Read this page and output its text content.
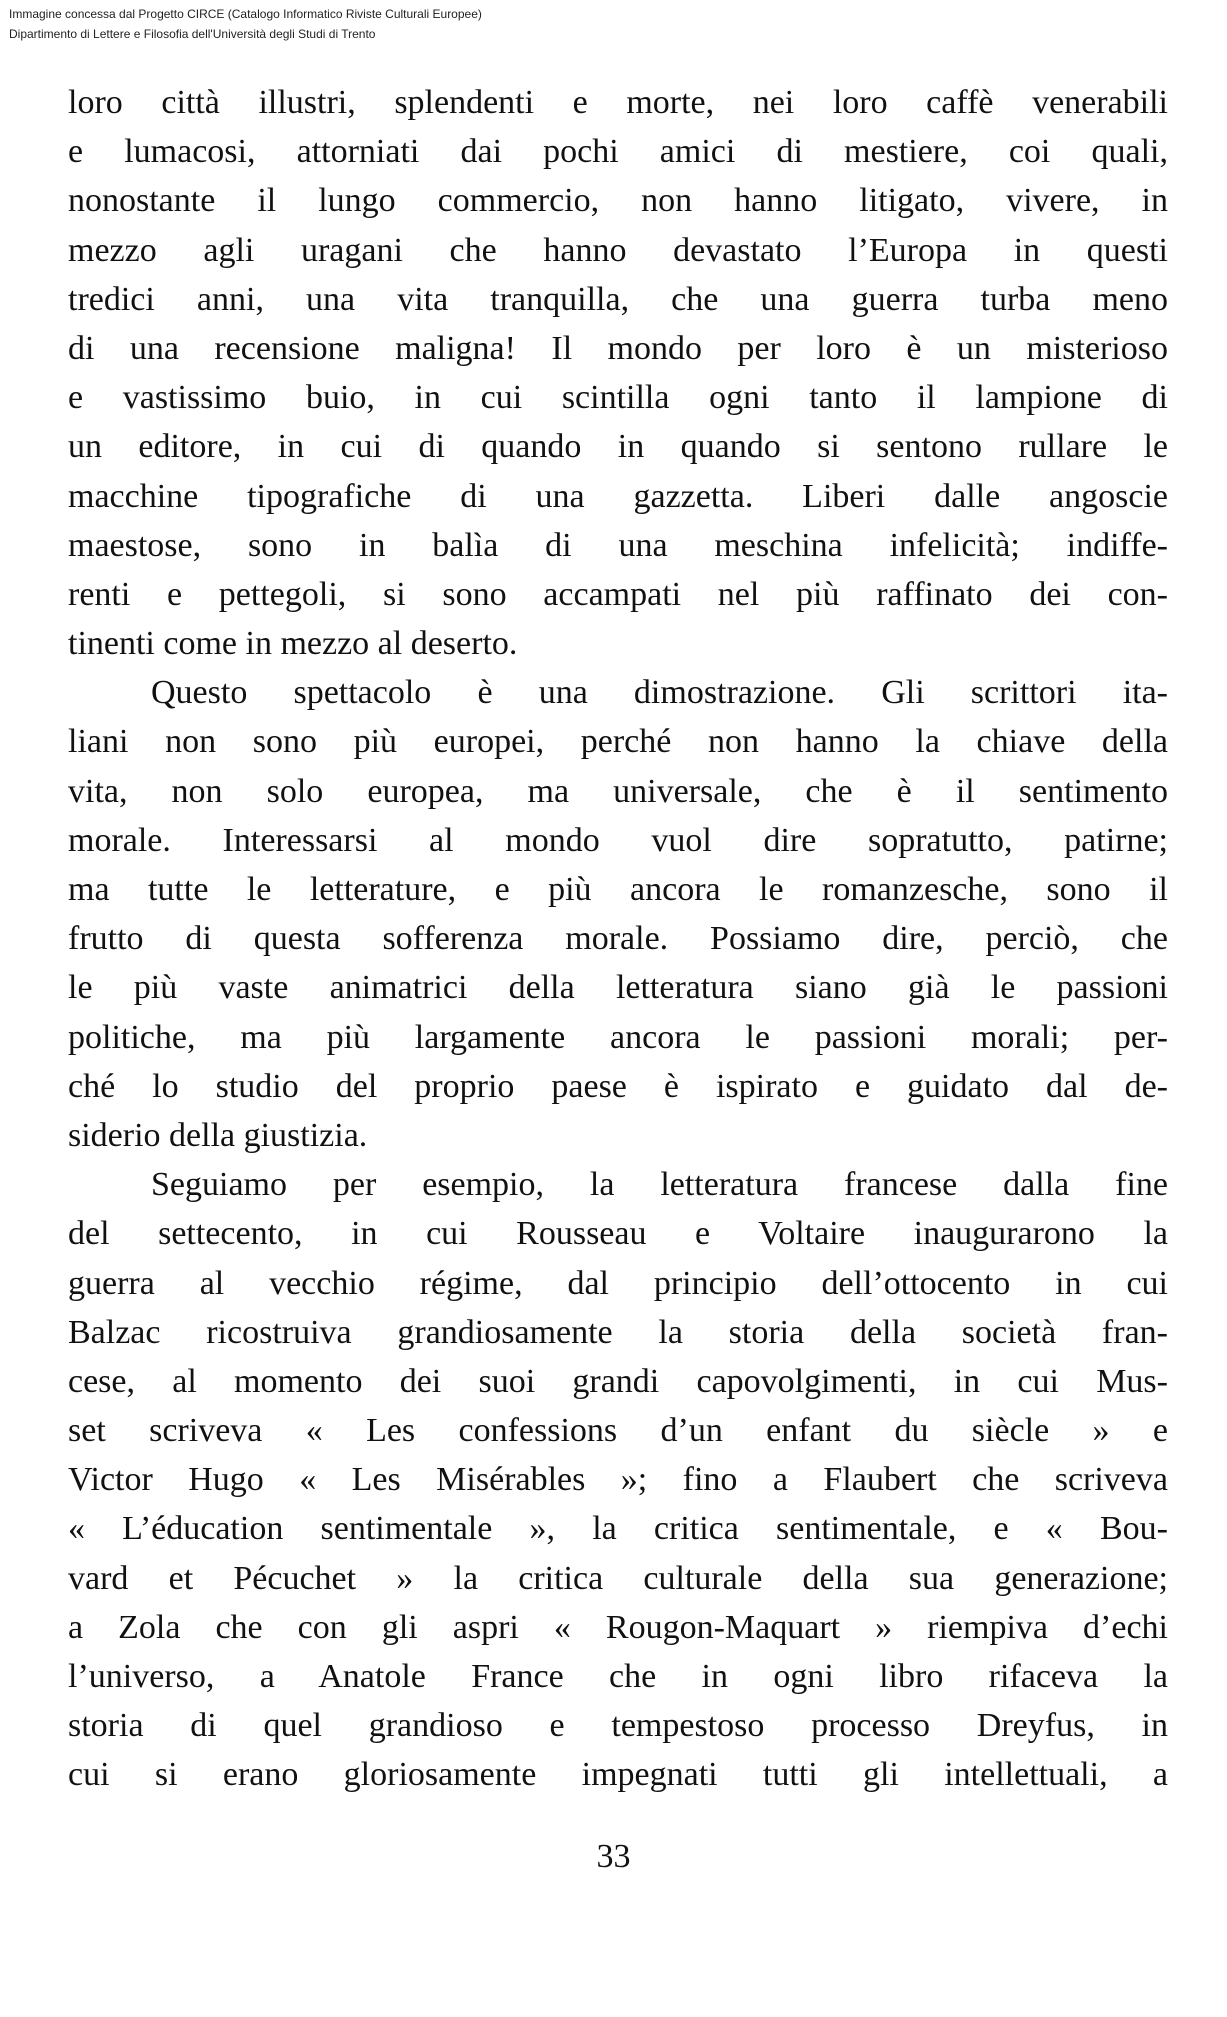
Immagine concessa dal Progetto CIRCE (Catalogo Informatico Riviste Culturali Europee)
Dipartimento di Lettere e Filosofia dell'Università degli Studi di Trento
loro città illustri, splendenti e morte, nei loro caffè venerabili
e lumacosi, attorniati dai pochi amici di mestiere, coi quali,
nonostante il lungo commercio, non hanno litigato, vivere, in
mezzo agli uragani che hanno devastato l’Europa in questi
tredici anni, una vita tranquilla, che una guerra turba meno
di una recensione maligna! Il mondo per loro è un misterioso
e vastissimo buio, in cui scintilla ogni tanto il lampione di
un editore, in cui di quando in quando si sentono rullare le
macchine tipografiche di una gazzetta. Liberi dalle angoscie
maestose, sono in balìa di una meschina infelicità; indiffe-
renti e pettegoli, si sono accampati nel più raffinato dei con-
tinenti come in mezzo al deserto.
Questo spettacolo è una dimostrazione. Gli scrittori ita-
liani non sono più europei, perché non hanno la chiave della
vita, non solo europea, ma universale, che è il sentimento
morale. Interessarsi al mondo vuol dire sopratutto, patirne;
ma tutte le letterature, e più ancora le romanzesche, sono il
frutto di questa sofferenza morale. Possiamo dire, perciò, che
le più vaste animatrici della letteratura siano già le passioni
politiche, ma più largamente ancora le passioni morali; per-
ché lo studio del proprio paese è ispirato e guidato dal de-
siderio della giustizia.
Seguiamo per esempio, la letteratura francese dalla fine
del settecento, in cui Rousseau e Voltaire inaugurarono la
guerra al vecchio régime, dal principio dell’ottocento in cui
Balzac ricostruiva grandiosamente la storia della società fran-
cese, al momento dei suoi grandi capovolgimenti, in cui Mus-
set scriveva « Les confessions d’un enfant du siècle » e
Victor Hugo « Les Misérables »; fino a Flaubert che scriveva
« L’éducation sentimentale », la critica sentimentale, e « Bou-
vard et Pécuchet » la critica culturale della sua generazione;
a Zola che con gli aspri « Rougon-Maquart » riempiva d’echi
l’universo, a Anatole France che in ogni libro rifaceva la
storia di quel grandioso e tempestoso processo Dreyfus, in
cui si erano gloriosamente impegnati tutti gli intellettuali, a
33
